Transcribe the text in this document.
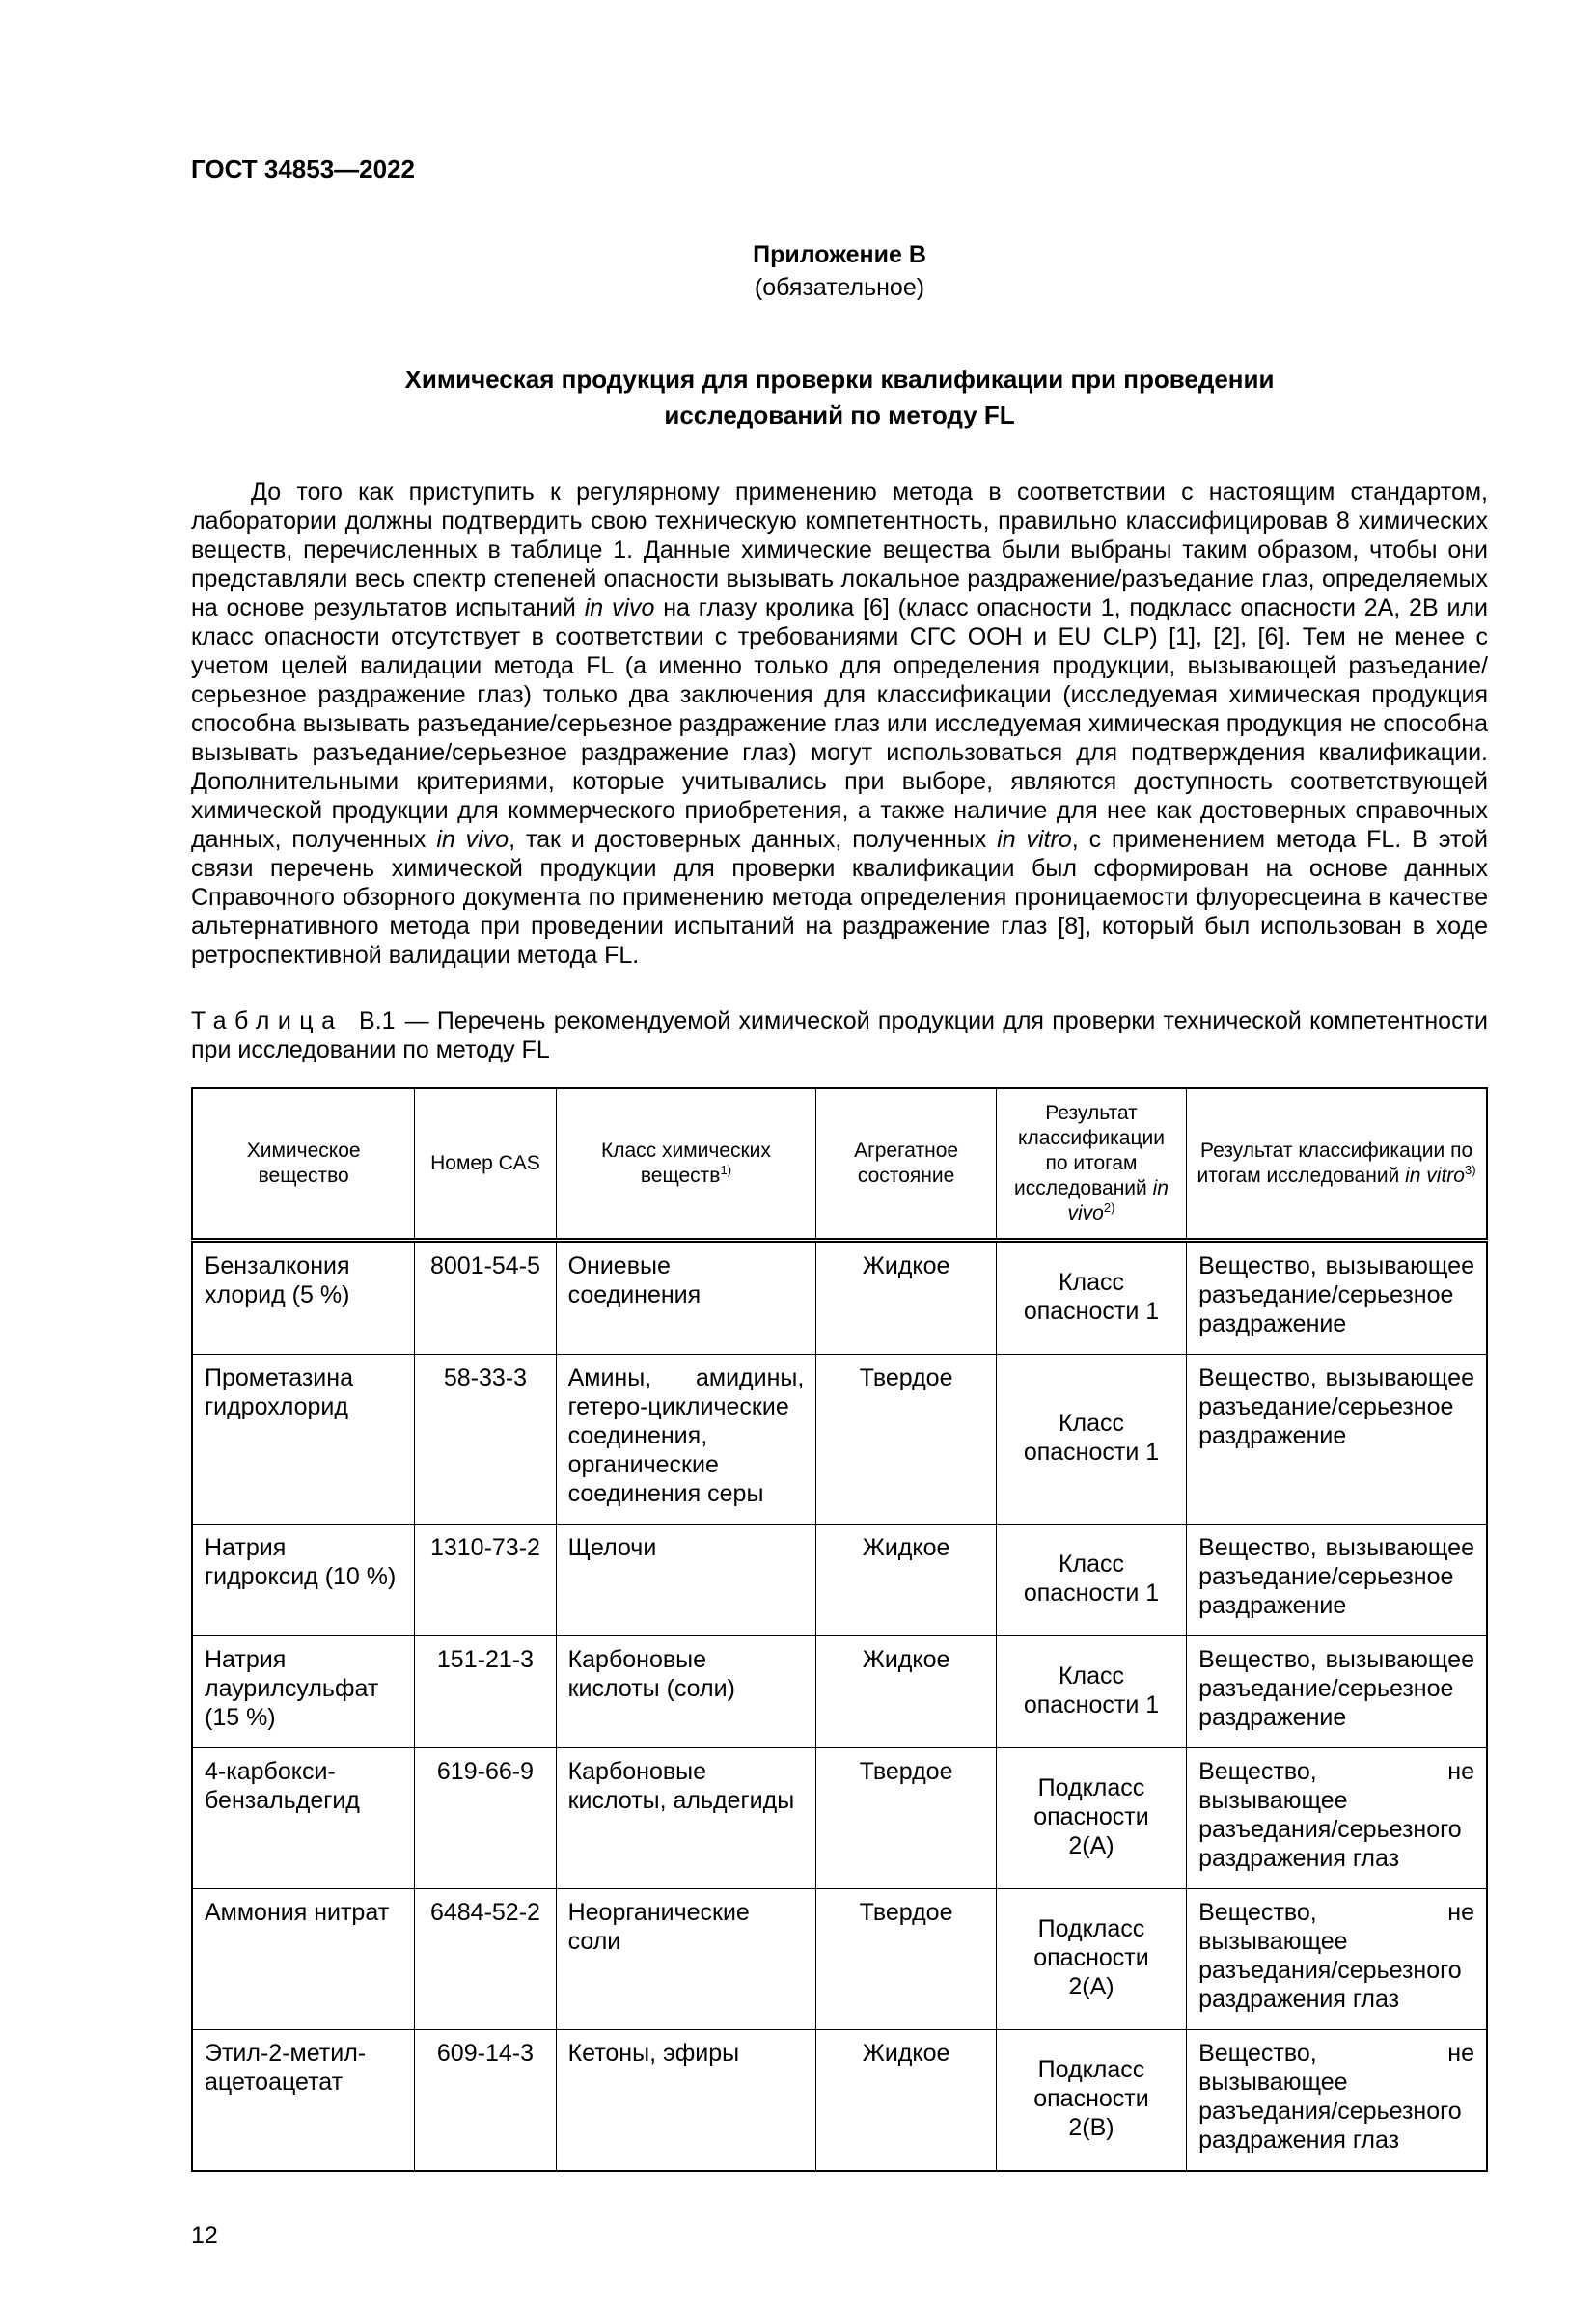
ГОСТ 34853—2022
Приложение В
(обязательное)
Химическая продукция для проверки квалификации при проведении исследований по методу FL

До того как приступить к регулярному применению метода в соответствии с настоящим стандартом, лаборатории должны подтвердить свою техническую компетентность, правильно классифицировав 8 химических веществ, перечисленных в таблице 1. Данные химические вещества были выбраны таким образом, чтобы они представляли весь спектр степеней опасности вызывать локальное раздражение/разъедание глаз, определяемых на основе результатов испытаний in vivo на глазу кролика [6] (класс опасности 1, подкласс опасности 2А, 2В или класс опасности отсутствует в соответствии с требованиями СГС ООН и EU CLP) [1], [2], [6]. Тем не менее с учетом целей валидации метода FL (а именно только для определения продукции, вызывающей разъедание/серьезное раздражение глаз) только два заключения для классификации (исследуемая химическая продукция способна вызывать разъедание/серьезное раздражение глаз или исследуемая химическая продукция не способна вызывать разъедание/серьезное раздражение глаз) могут использоваться для подтверждения квалификации. Дополнительными критериями, которые учитывались при выборе, являются доступность соответствующей химической продукции для коммерческого приобретения, а также наличие для нее как достоверных справочных данных, полученных in vivo, так и достоверных данных, полученных in vitro, с применением метода FL. В этой связи перечень химической продукции для проверки квалификации был сформирован на основе данных Справочного обзорного документа по применению метода определения проницаемости флуоресцеина в качестве альтернативного метода при проведении испытаний на раздражение глаз [8], который был использован в ходе ретроспективной валидации метода FL.

Таблица В.1 — Перечень рекомендуемой химической продукции для проверки технической компетентности при исследовании по методу FL

Химическое вещество	Номер CAS	Класс химических веществ$^{1)}$	Агрегатное состояние	Результат классификации по итогам исследований in vivo$^{2)}$	Результат классификации по итогам исследований in vitro$^{3)}$
Бензалкония хлорид (5 %)	8001-54-5	Ониевые соединения	Жидкое	Класс опасности 1	Вещество, вызывающее разъедание/серьезное раздражение
Прометазина гидрохлорид	58-33-3	Амины, амидины, гетеро-циклические соединения, органические соединения серы	Твердое	Класс опасности 1	Вещество, вызывающее разъедание/серьезное раздражение
Натрия гидроксид (10 %)	1310-73-2	Щелочи	Жидкое	Класс опасности 1	Вещество, вызывающее разъедание/серьезное раздражение
Натрия лаурилсульфат (15 %)	151-21-3	Карбоновые кислоты (соли)	Жидкое	Класс опасности 1	Вещество, вызывающее разъедание/серьезное раздражение
4-карбокси-бензальдегид	619-66-9	Карбоновые кислоты, альдегиды	Твердое	Подкласс опасности 2(А)	Вещество, не вызывающее разъедания/серьезного раздражения глаз
Аммония нитрат	6484-52-2	Неорганические соли	Твердое	Подкласс опасности 2(А)	Вещество, не вызывающее разъедания/серьезного раздражения глаз
Этил-2-метил-ацетоацетат	609-14-3	Кетоны, эфиры	Жидкое	Подкласс опасности 2(В)	Вещество, не вызывающее разъедания/серьезного раздражения глаз
12
